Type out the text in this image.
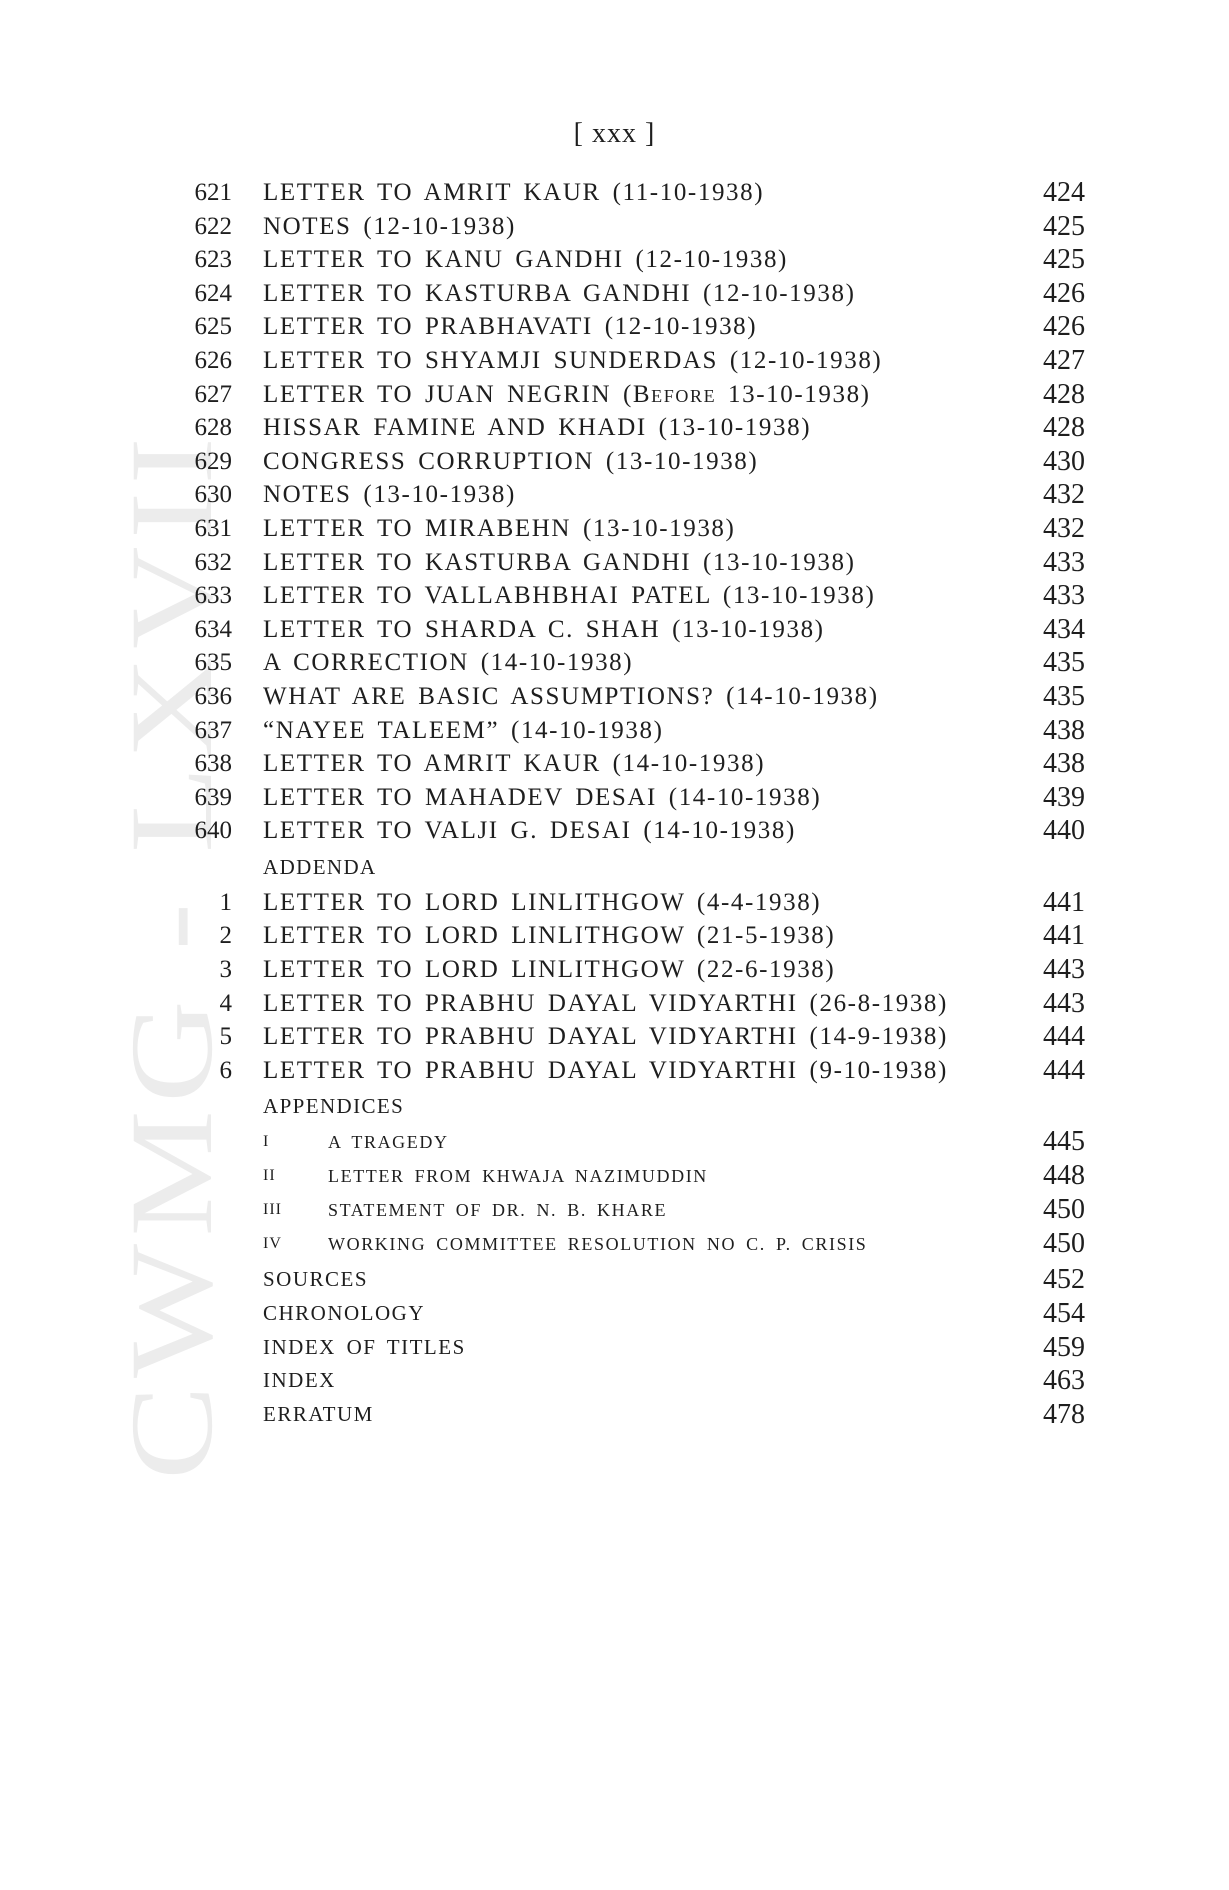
CWMG LXVII
[ xxx ]
621 LETTER TO AMRIT KAUR (11-10-1938)	424
622 NOTES (12-10-1938)	425
623 LETTER TO KANU GANDHI (12-10-1938)	425
624 LETTER TO KASTURBA GANDHI (12-10-1938)	426
625 LETTER TO PRABHAVATI (12-10-1938)	426
626 LETTER TO SHYAMJI SUNDERDAS (12-10-1938)	427
627 LETTER TO JUAN NEGRIN (Before 13-10-1938)	428
628 HISSAR FAMINE AND KHADI (13-10-1938)	428
629 CONGRESS CORRUPTION (13-10-1938)	430
630 NOTES (13-10-1938)	432
631 LETTER TO MIRABEHN (13-10-1938)	432
632 LETTER TO KASTURBA GANDHI (13-10-1938)	433
633 LETTER TO VALLABHBHAI PATEL (13-10-1938)	433
634 LETTER TO SHARDA C. SHAH (13-10-1938)	434
635 A CORRECTION (14-10-1938)	435
636 WHAT ARE BASIC ASSUMPTIONS? (14-10-1938)	435
637 “NAYEE TALEEM” (14-10-1938)	438
638 LETTER TO AMRIT KAUR (14-10-1938)	438
639 LETTER TO MAHADEV DESAI (14-10-1938)	439
640 LETTER TO VALJI G. DESAI (14-10-1938)	440
ADDENDA
1 LETTER TO LORD LINLITHGOW (4-4-1938)	441
2 LETTER TO LORD LINLITHGOW (21-5-1938)	441
3 LETTER TO LORD LINLITHGOW (22-6-1938)	443
4 LETTER TO PRABHU DAYAL VIDYARTHI (26-8-1938)	443
5 LETTER TO PRABHU DAYAL VIDYARTHI (14-9-1938)	444
6 LETTER TO PRABHU DAYAL VIDYARTHI (9-10-1938)	444
APPENDICES
I	A TRAGEDY	445
II	LETTER FROM KHWAJA NAZIMUDDIN	448
III	STATEMENT OF DR. N. B. KHARE	450
IV	WORKING COMMITTEE RESOLUTION NO C. P. CRISIS	450
SOURCES	452
CHRONOLOGY	454
INDEX OF TITLES	459
INDEX	463
ERRATUM	478
